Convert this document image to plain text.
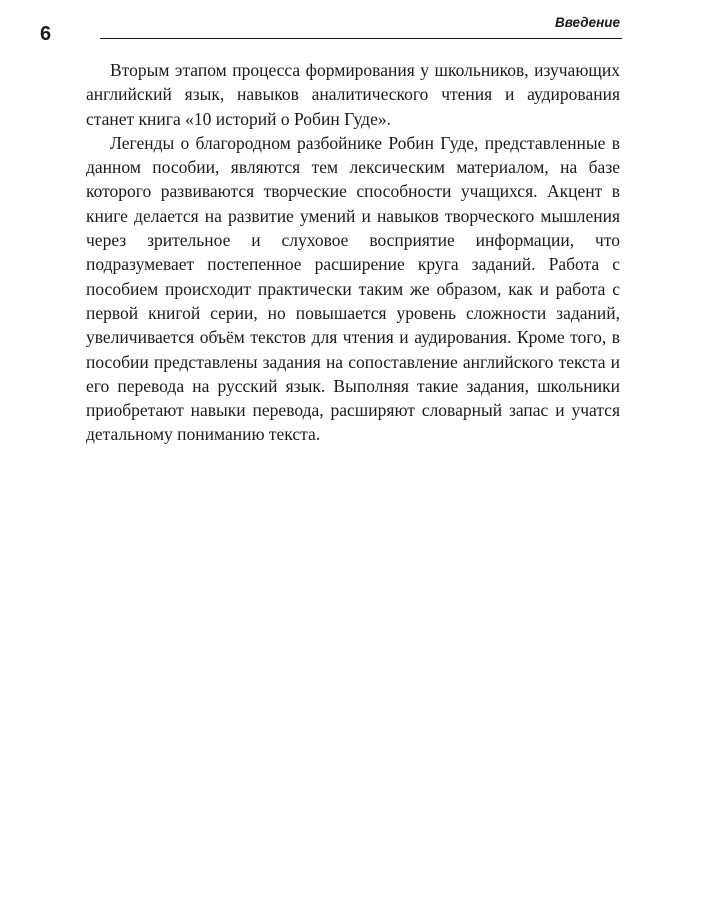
6
Введение

Вторым этапом процесса формирования у школьников, изучающих английский язык, навыков аналитического чтения и аудирования станет книга «10 историй о Робин Гуде».

Легенды о благородном разбойнике Робин Гуде, представленные в данном пособии, являются тем лексическим материалом, на базе которого развиваются творческие способности учащихся. Акцент в книге делается на развитие умений и навыков творческого мышления через зрительное и слуховое восприятие информации, что подразумевает постепенное расширение круга заданий. Работа с пособием происходит практически таким же образом, как и работа с первой книгой серии, но повышается уровень сложности заданий, увеличивается объём текстов для чтения и аудирования. Кроме того, в пособии представлены задания на сопоставление английского текста и его перевода на русский язык. Выполняя такие задания, школьники приобретают навыки перевода, расширяют словарный запас и учатся детальному пониманию текста.
